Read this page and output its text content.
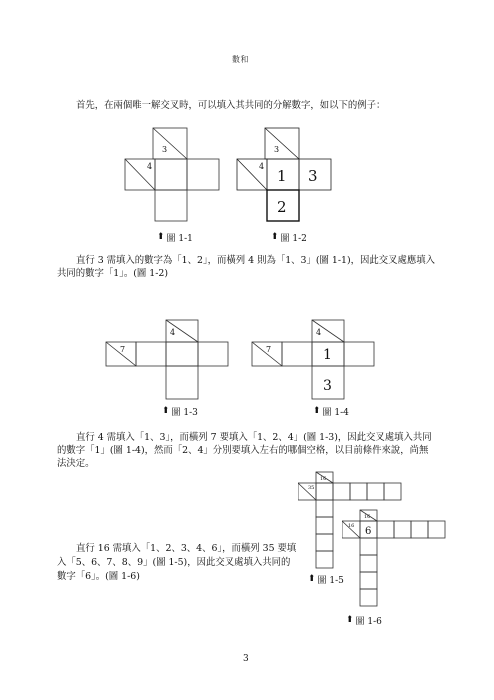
數和
首先，在兩個唯一解交叉時，可以填入其共同的分解數字，如以下的例子：
3
4
⬆ 圖 1-1
3
4
1 3
2
⬆ 圖 1-2
直行 3 需填入的數字為「1、2」，而橫列 4 則為「1、3」(圖 1-1)，因此交叉處應填入
共同的數字「1」。(圖 1-2)
4
7
⬆ 圖 1-3
4
7	1
3
⬆ 圖 1-4
直行 4 需填入「1、3」，而橫列 7 要填入「1、2、4」(圖 1-3)，因此交叉處填入共同
的數字「1」(圖 1-4)，然而「2、4」分別要填入左右的哪個空格，以目前條件來說，尚無
法決定。
16
35
⬆ 圖 1-5
16
16 6
⬆ 圖 1-6
直行 16 需填入「1、2、3、4、6」，而橫列 35 要填
入「5、6、7、8、9」(圖 1-5)，因此交叉處填入共同的
數字「6」。(圖 1-6)
3
